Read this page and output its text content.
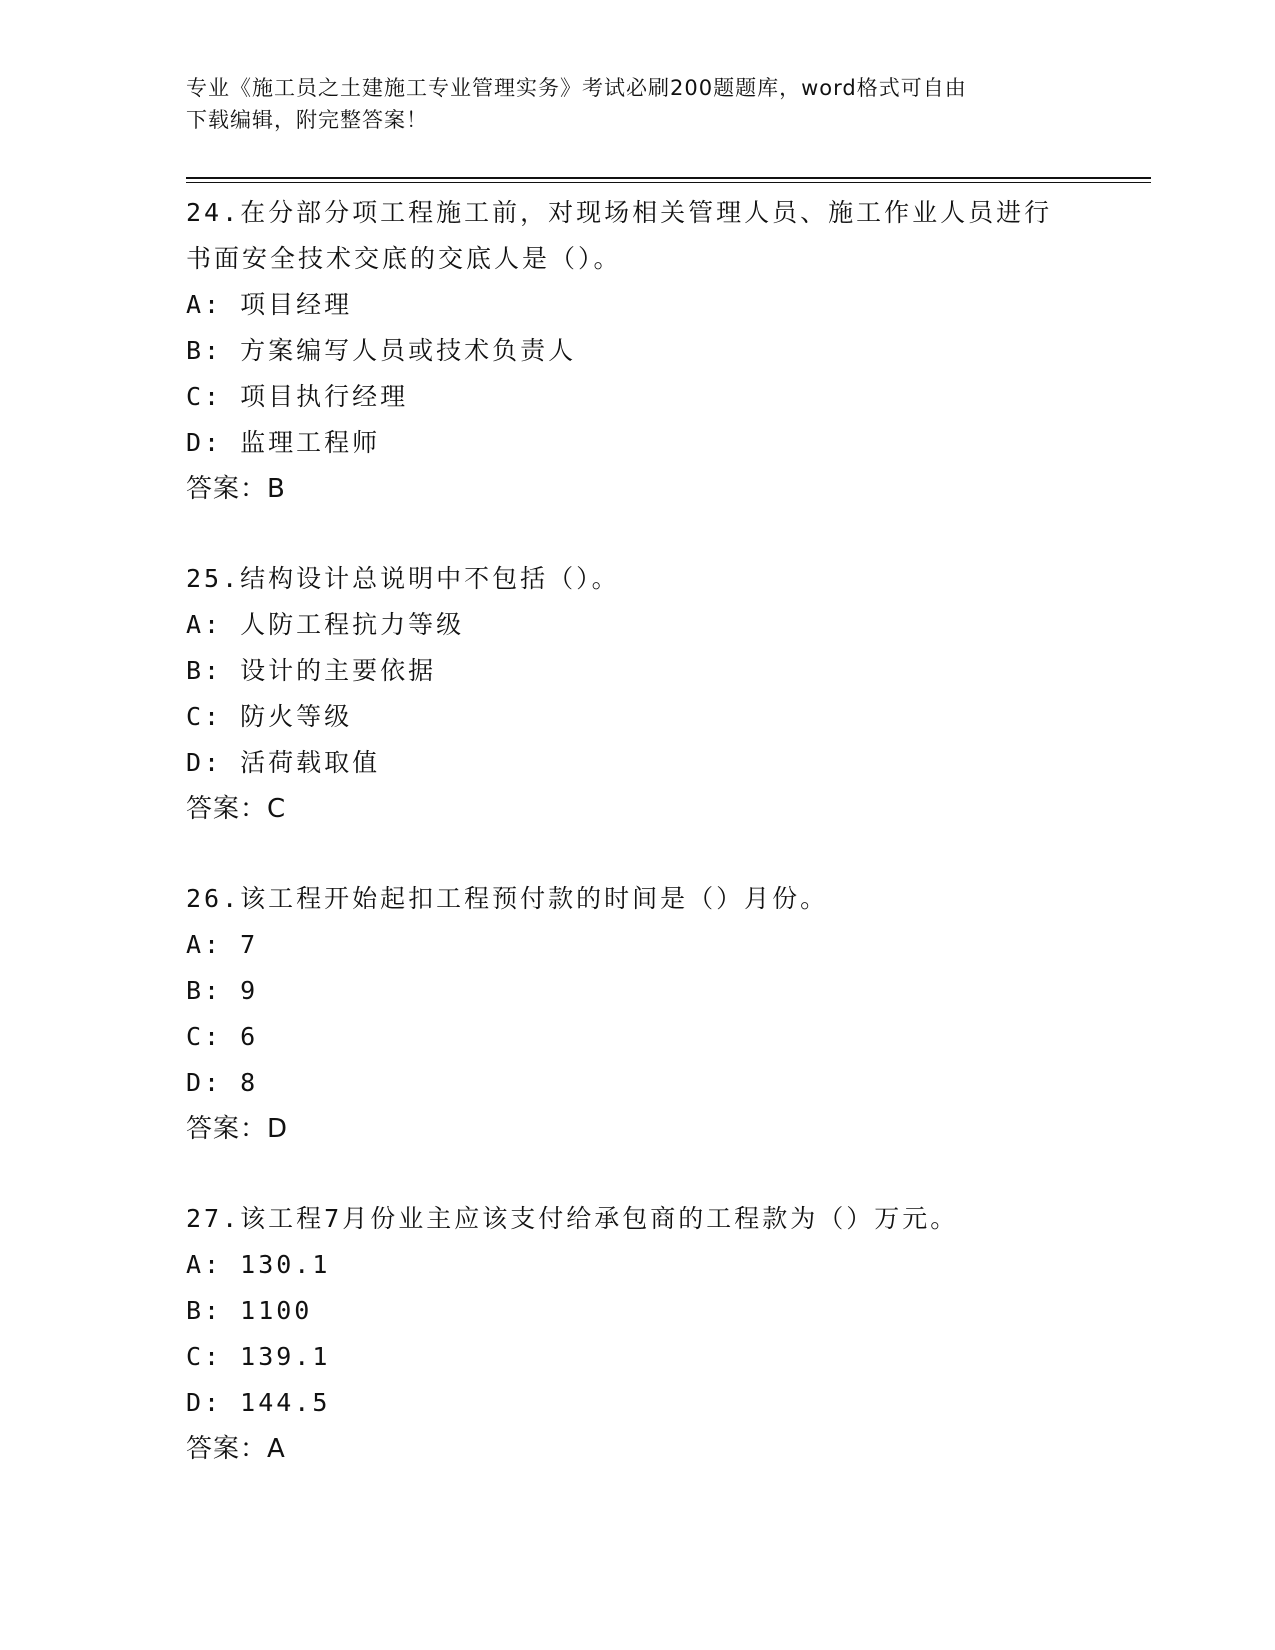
专业《施工员之土建施工专业管理实务》考试必刷200题题库，word格式可自由
下载编辑，附完整答案！
24.在分部分项工程施工前，对现场相关管理人员、施工作业人员进行
书面安全技术交底的交底人是（）。
A: 项目经理
B: 方案编写人员或技术负责人
C: 项目执行经理
D: 监理工程师
答案：B
25.结构设计总说明中不包括（）。
A: 人防工程抗力等级
B: 设计的主要依据
C: 防火等级
D: 活荷载取值
答案：C
26.该工程开始起扣工程预付款的时间是（）月份。
A: 7
B: 9
C: 6
D: 8
答案：D
27.该工程7月份业主应该支付给承包商的工程款为（）万元。
A: 130.1
B: 1100
C: 139.1
D: 144.5
答案：A
